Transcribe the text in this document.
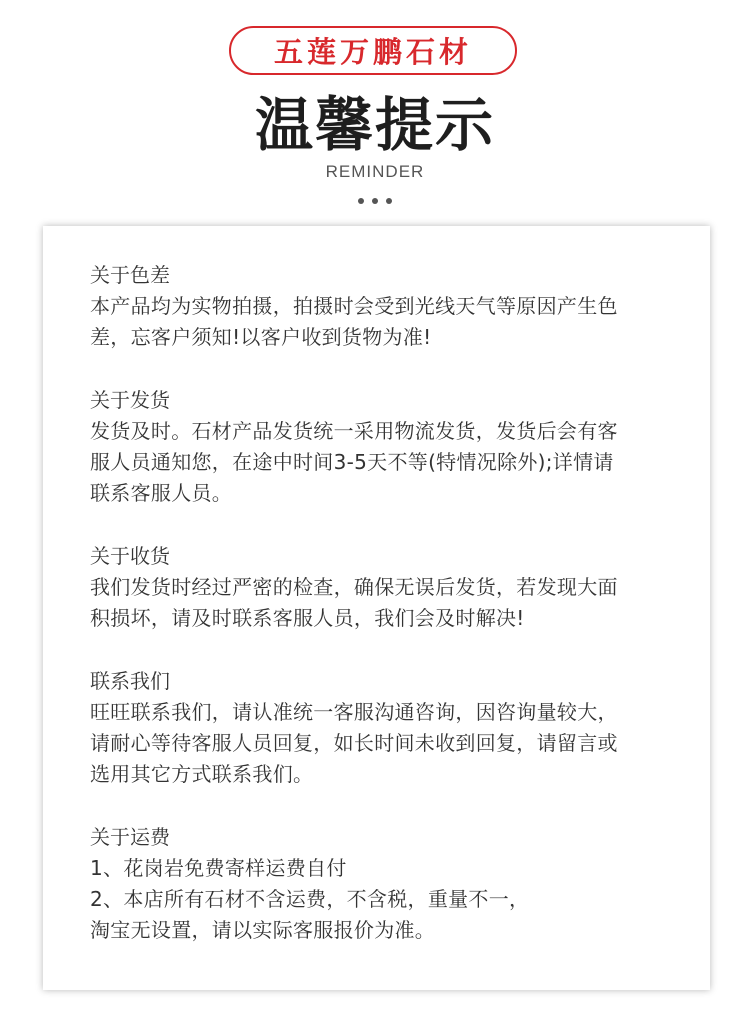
五莲万鹏石材
温馨提示
REMINDER
关于色差
本产品均为实物拍摄，拍摄时会受到光线天气等原因产生色
差，忘客户须知!以客户收到货物为准!
关于发货
发货及时。石材产品发货统一采用物流发货，发货后会有客
服人员通知您，在途中时间3-5天不等(特情况除外);详情请
联系客服人员。
关于收货
我们发货时经过严密的检查，确保无误后发货，若发现大面
积损坏，请及时联系客服人员，我们会及时解决!
联系我们
旺旺联系我们，请认准统一客服沟通咨询，因咨询量较大，
请耐心等待客服人员回复，如长时间未收到回复，请留言或
选用其它方式联系我们。
关于运费
1、花岗岩免费寄样运费自付
2、本店所有石材不含运费，不含税，重量不一，
淘宝无设置，请以实际客服报价为准。
